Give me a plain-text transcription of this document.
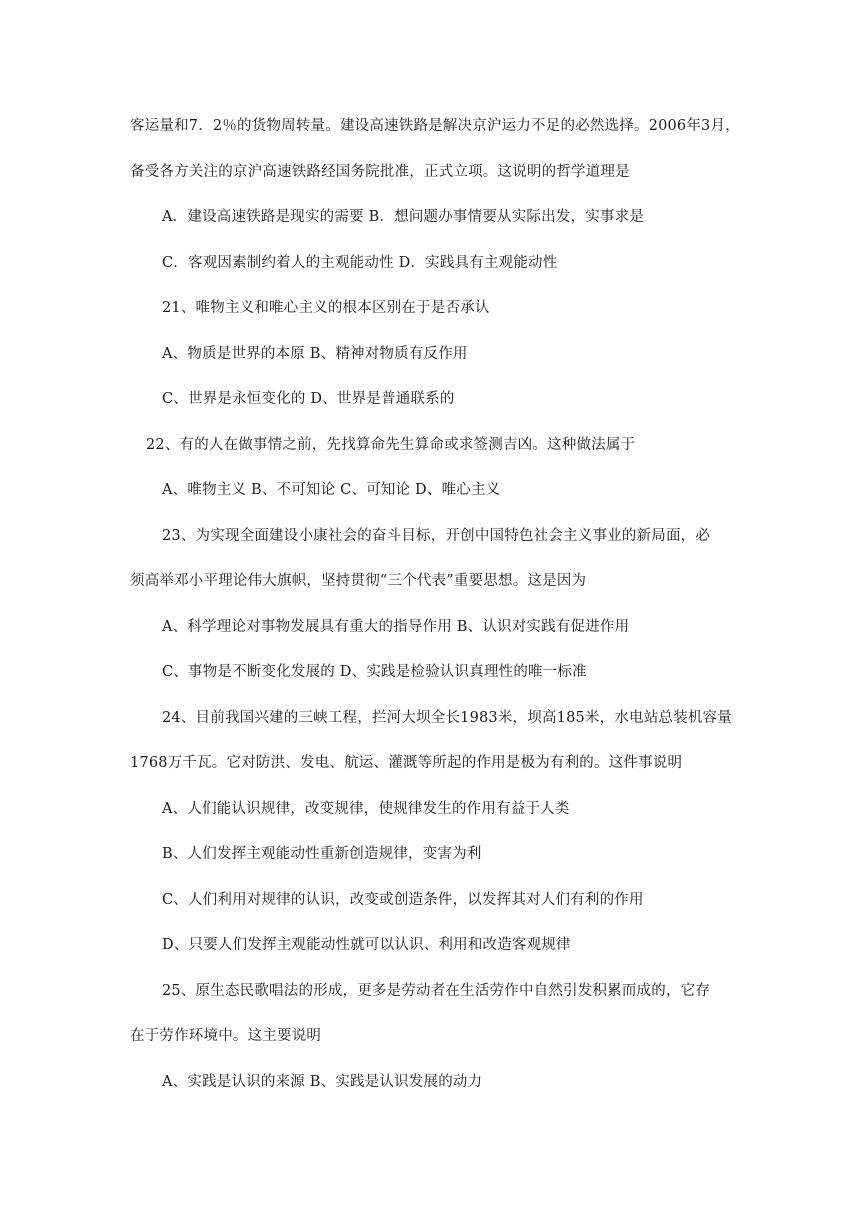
客运量和7．2％的货物周转量。建设高速铁路是解决京沪运力不足的必然选择。2006年3月，
备受各方关注的京沪高速铁路经国务院批准，正式立项。这说明的哲学道理是
A．建设高速铁路是现实的需要 B．想问题办事情要从实际出发，实事求是
C．客观因素制约着人的主观能动性 D．实践具有主观能动性
21、唯物主义和唯心主义的根本区别在于是否承认
A、物质是世界的本原 B、精神对物质有反作用
C、世界是永恒变化的 D、世界是普通联系的
22、有的人在做事情之前，先找算命先生算命或求签测吉凶。这种做法属于
A、唯物主义 B、不可知论 C、可知论 D、唯心主义
23、为实现全面建设小康社会的奋斗目标，开创中国特色社会主义事业的新局面，必
须高举邓小平理论伟大旗帜，坚持贯彻“三个代表”重要思想。这是因为
A、科学理论对事物发展具有重大的指导作用 B、认识对实践有促进作用
C、事物是不断变化发展的 D、实践是检验认识真理性的唯一标准
24、目前我国兴建的三峡工程，拦河大坝全长1983米，坝高185米，水电站总装机容量
1768万千瓦。它对防洪、发电、航运、灌溉等所起的作用是极为有利的。这件事说明
A、人们能认识规律，改变规律，使规律发生的作用有益于人类
B、人们发挥主观能动性重新创造规律，变害为利
C、人们利用对规律的认识，改变或创造条件，以发挥其对人们有利的作用
D、只要人们发挥主观能动性就可以认识、利用和改造客观规律
25、原生态民歌唱法的形成，更多是劳动者在生活劳作中自然引发积累而成的，它存
在于劳作环境中。这主要说明
A、实践是认识的来源 B、实践是认识发展的动力
